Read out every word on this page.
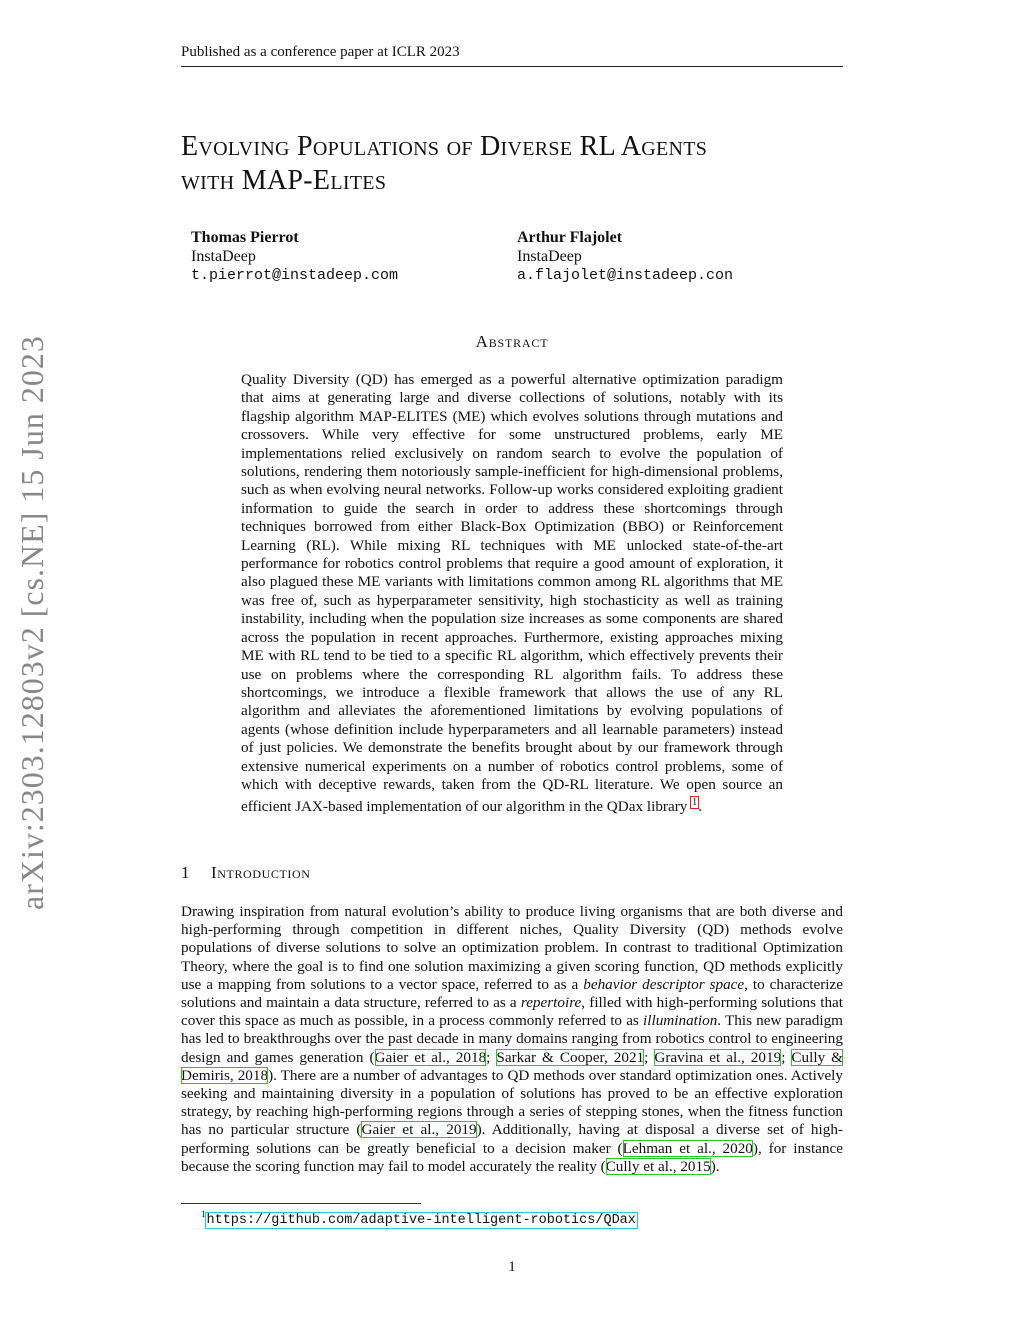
arXiv:2303.12803v2 [cs.NE] 15 Jun 2023
Published as a conference paper at ICLR 2023
Evolving Populations of Diverse RL Agents
with MAP-Elites
Thomas Pierrot
InstaDeep
t.pierrot@instadeep.com
Arthur Flajolet
InstaDeep
a.flajolet@instadeep.con
Abstract
Quality Diversity (QD) has emerged as a powerful alternative optimization paradigm that aims at generating large and diverse collections of solutions, notably with its flagship algorithm MAP-ELITES (ME) which evolves solutions through mutations and crossovers. While very effective for some unstructured problems, early ME implementations relied exclusively on random search to evolve the population of solutions, rendering them notoriously sample-inefficient for high-dimensional problems, such as when evolving neural networks. Follow-up works considered exploiting gradient information to guide the search in order to address these shortcomings through techniques borrowed from either Black-Box Optimization (BBO) or Reinforcement Learning (RL). While mixing RL techniques with ME unlocked state-of-the-art performance for robotics control problems that require a good amount of exploration, it also plagued these ME variants with limitations common among RL algorithms that ME was free of, such as hyperparameter sensitivity, high stochasticity as well as training instability, including when the population size increases as some components are shared across the population in recent approaches. Furthermore, existing approaches mixing ME with RL tend to be tied to a specific RL algorithm, which effectively prevents their use on problems where the corresponding RL algorithm fails. To address these shortcomings, we introduce a flexible framework that allows the use of any RL algorithm and alleviates the aforementioned limitations by evolving populations of agents (whose definition include hyperparameters and all learnable parameters) instead of just policies. We demonstrate the benefits brought about by our framework through extensive numerical experiments on a number of robotics control problems, some of which with deceptive rewards, taken from the QD-RL literature. We open source an efficient JAX-based implementation of our algorithm in the QDax library $^1$.
1 Introduction
Drawing inspiration from natural evolution’s ability to produce living organisms that are both diverse and high-performing through competition in different niches, Quality Diversity (QD) methods evolve populations of diverse solutions to solve an optimization problem. In contrast to traditional Optimization Theory, where the goal is to find one solution maximizing a given scoring function, QD methods explicitly use a mapping from solutions to a vector space, referred to as a behavior descriptor space, to characterize solutions and maintain a data structure, referred to as a repertoire, filled with high-performing solutions that cover this space as much as possible, in a process commonly referred to as illumination. This new paradigm has led to breakthroughs over the past decade in many domains ranging from robotics control to engineering design and games generation (Gaier et al., 2018; Sarkar & Cooper, 2021; Gravina et al., 2019; Cully & Demiris, 2018). There are a number of advantages to QD methods over standard optimization ones. Actively seeking and maintaining diversity in a population of solutions has proved to be an effective exploration strategy, by reaching high-performing regions through a series of stepping stones, when the fitness function has no particular structure (Gaier et al., 2019). Additionally, having at disposal a diverse set of high-performing solutions can be greatly beneficial to a decision maker (Lehman et al., 2020), for instance because the scoring function may fail to model accurately the reality (Cully et al., 2015).
$^1$https://github.com/adaptive-intelligent-robotics/QDax
1
